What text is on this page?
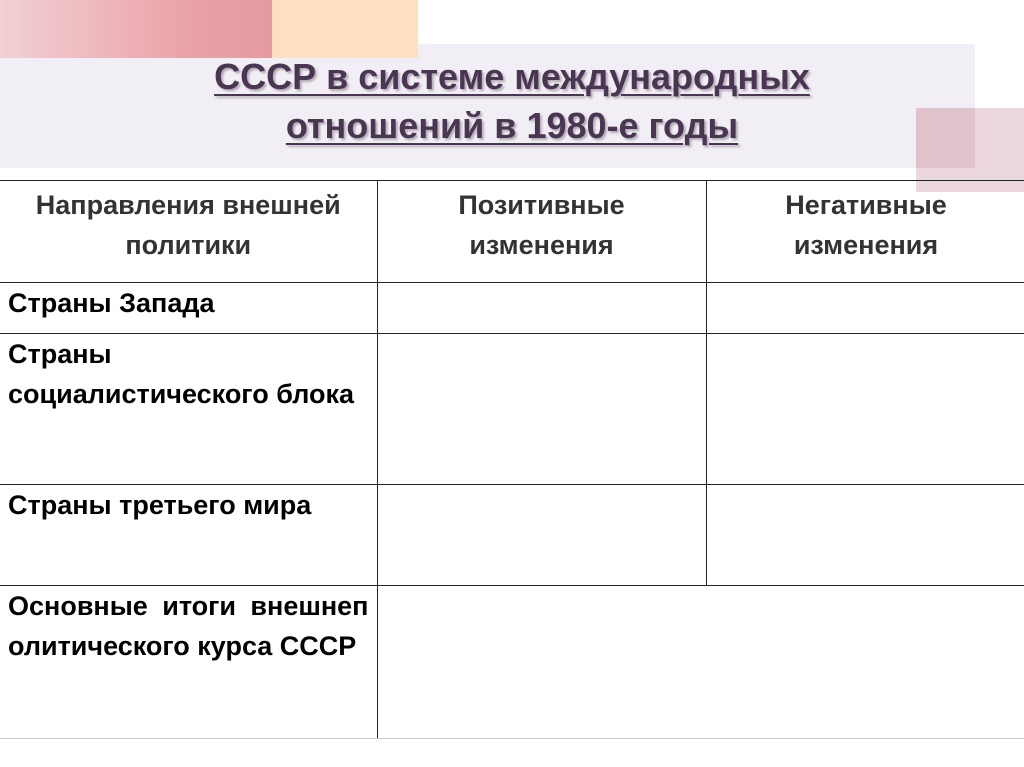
СССР в системе международных
отношений в 1980-е годы
Направления внешней политики	Позитивные изменения	Негативные изменения
Страны Запада		
Страны социалистического блока		
Страны третьего мира		
Основные итоги внешнеполитического курса СССР		
